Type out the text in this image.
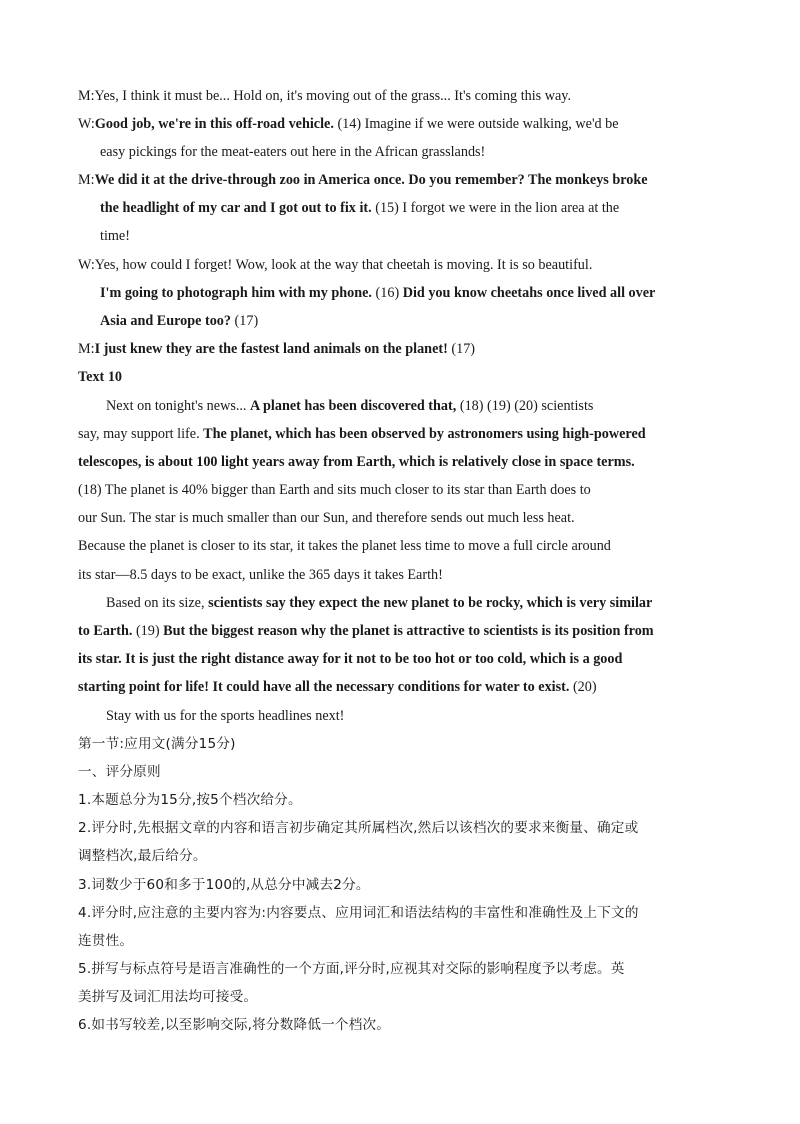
M:Yes, I think it must be... Hold on, it's moving out of the grass... It's coming this way.
W:Good job, we're in this off-road vehicle. (14) Imagine if we were outside walking, we'd be
easy pickings for the meat-eaters out here in the African grasslands!
M:We did it at the drive-through zoo in America once. Do you remember? The monkeys broke
the headlight of my car and I got out to fix it. (15) I forgot we were in the lion area at the
time!
W:Yes, how could I forget! Wow, look at the way that cheetah is moving. It is so beautiful.
I'm going to photograph him with my phone. (16) Did you know cheetahs once lived all over
Asia and Europe too? (17)
M:I just knew they are the fastest land animals on the planet! (17)
Text 10
Next on tonight's news... A planet has been discovered that, (18) (19) (20) scientists
say, may support life. The planet, which has been observed by astronomers using high-powered
telescopes, is about 100 light years away from Earth, which is relatively close in space terms.
(18) The planet is 40% bigger than Earth and sits much closer to its star than Earth does to
our Sun. The star is much smaller than our Sun, and therefore sends out much less heat.
Because the planet is closer to its star, it takes the planet less time to move a full circle around
its star—8.5 days to be exact, unlike the 365 days it takes Earth!
Based on its size, scientists say they expect the new planet to be rocky, which is very similar
to Earth. (19) But the biggest reason why the planet is attractive to scientists is its position from
its star. It is just the right distance away for it not to be too hot or too cold, which is a good
starting point for life! It could have all the necessary conditions for water to exist. (20)
Stay with us for the sports headlines next!
第一节:应用文(满分15分)
一、评分原则
1.本题总分为15分,按5个档次给分。
2.评分时,先根据文章的内容和语言初步确定其所属档次,然后以该档次的要求来衡量、确定或
调整档次,最后给分。
3.词数少于60和多于100的,从总分中减去2分。
4.评分时,应注意的主要内容为:内容要点、应用词汇和语法结构的丰富性和准确性及上下文的
连贯性。
5.拼写与标点符号是语言准确性的一个方面,评分时,应视其对交际的影响程度予以考虑。英
美拼写及词汇用法均可接受。
6.如书写较差,以至影响交际,将分数降低一个档次。
